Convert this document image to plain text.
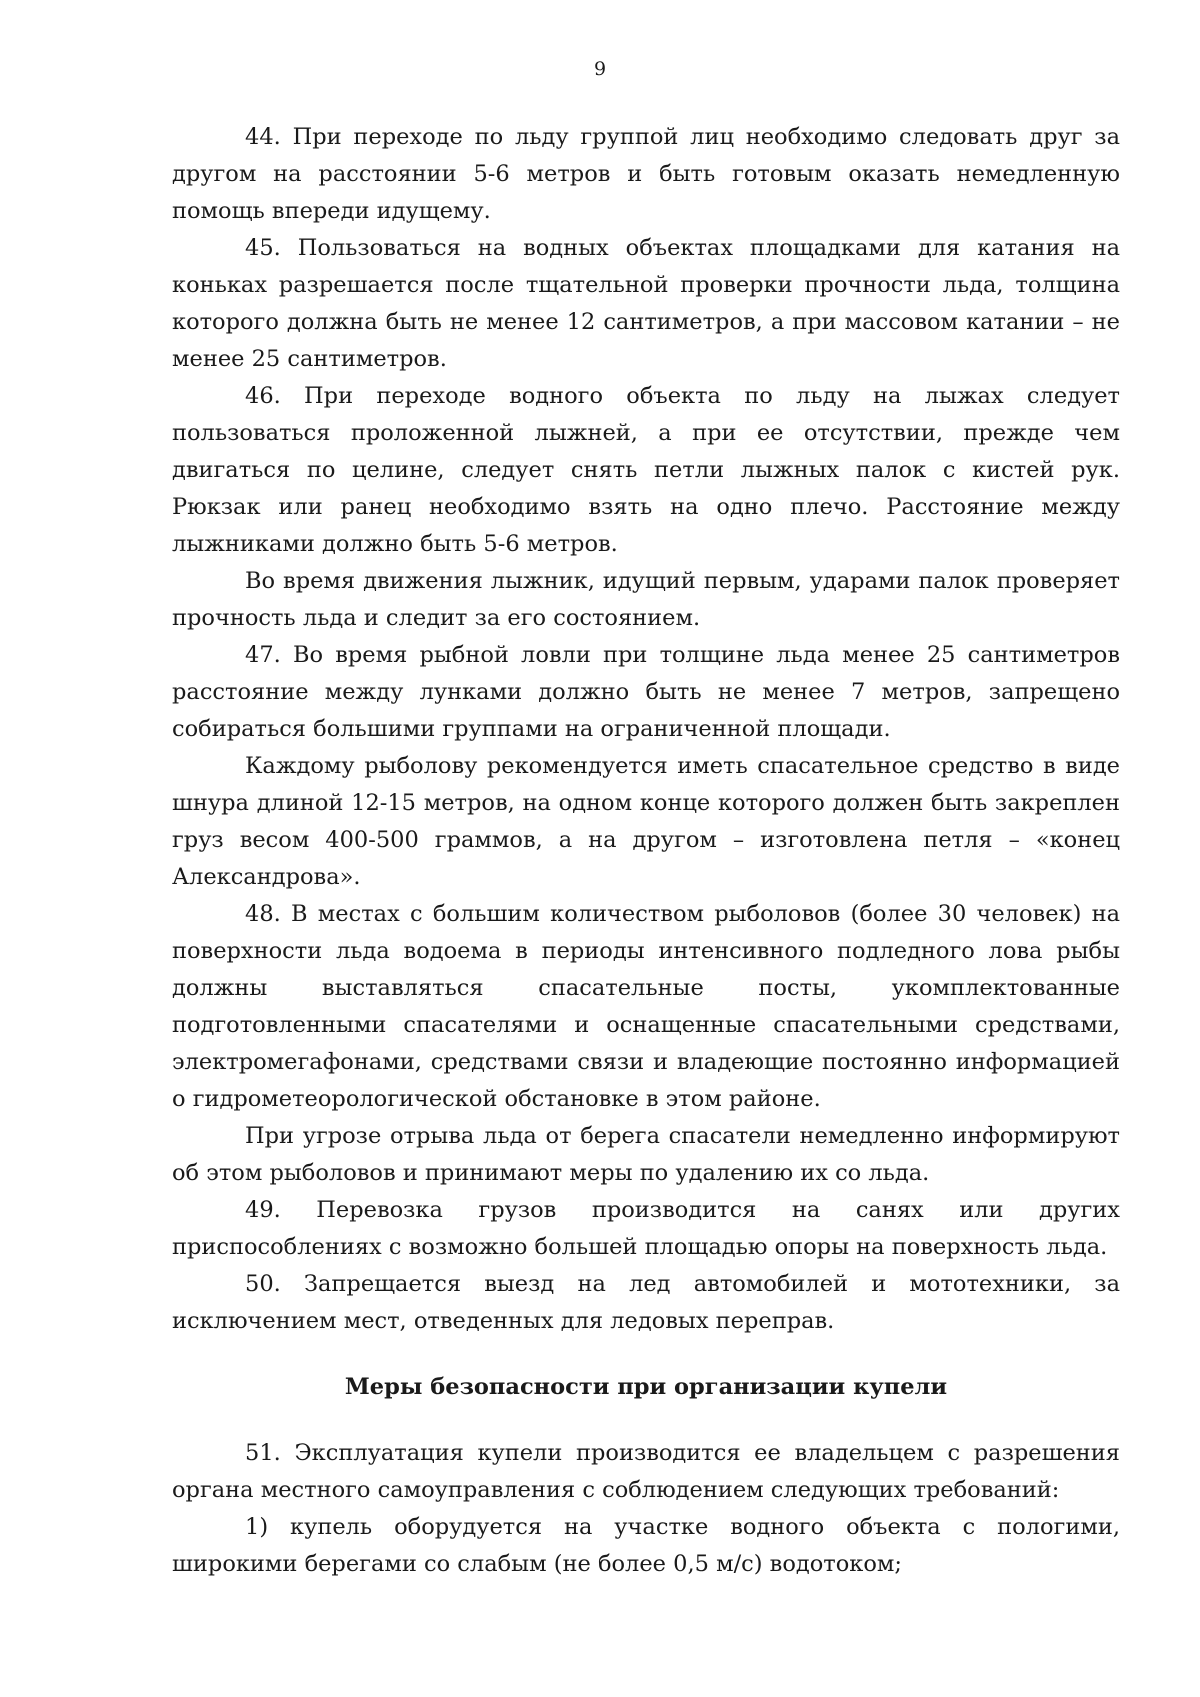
9

44. При переходе по льду группой лиц необходимо следовать друг за другом на расстоянии 5-6 метров и быть готовым оказать немедленную помощь впереди идущему.

45. Пользоваться на водных объектах площадками для катания на коньках разрешается после тщательной проверки прочности льда, толщина которого должна быть не менее 12 сантиметров, а при массовом катании – не менее 25 сантиметров.

46. При переходе водного объекта по льду на лыжах следует пользоваться проложенной лыжней, а при ее отсутствии, прежде чем двигаться по целине, следует снять петли лыжных палок с кистей рук. Рюкзак или ранец необходимо взять на одно плечо. Расстояние между лыжниками должно быть 5-6 метров.

Во время движения лыжник, идущий первым, ударами палок проверяет прочность льда и следит за его состоянием.

47. Во время рыбной ловли при толщине льда менее 25 сантиметров расстояние между лунками должно быть не менее 7 метров, запрещено собираться большими группами на ограниченной площади.

Каждому рыболову рекомендуется иметь спасательное средство в виде шнура длиной 12-15 метров, на одном конце которого должен быть закреплен груз весом 400-500 граммов, а на другом – изготовлена петля – «конец Александрова».

48. В местах с большим количеством рыболовов (более 30 человек) на поверхности льда водоема в периоды интенсивного подледного лова рыбы должны выставляться спасательные посты, укомплектованные подготовленными спасателями и оснащенные спасательными средствами, электромегафонами, средствами связи и владеющие постоянно информацией о гидрометеорологической обстановке в этом районе.

При угрозе отрыва льда от берега спасатели немедленно информируют об этом рыболовов и принимают меры по удалению их со льда.

49. Перевозка грузов производится на санях или других приспособлениях с возможно большей площадью опоры на поверхность льда.

50. Запрещается выезд на лед автомобилей и мототехники, за исключением мест, отведенных для ледовых переправ.

Меры безопасности при организации купели

51. Эксплуатация купели производится ее владельцем с разрешения органа местного самоуправления с соблюдением следующих требований:

1) купель оборудуется на участке водного объекта с пологими, широкими берегами со слабым (не более 0,5 м/с) водотоком;
